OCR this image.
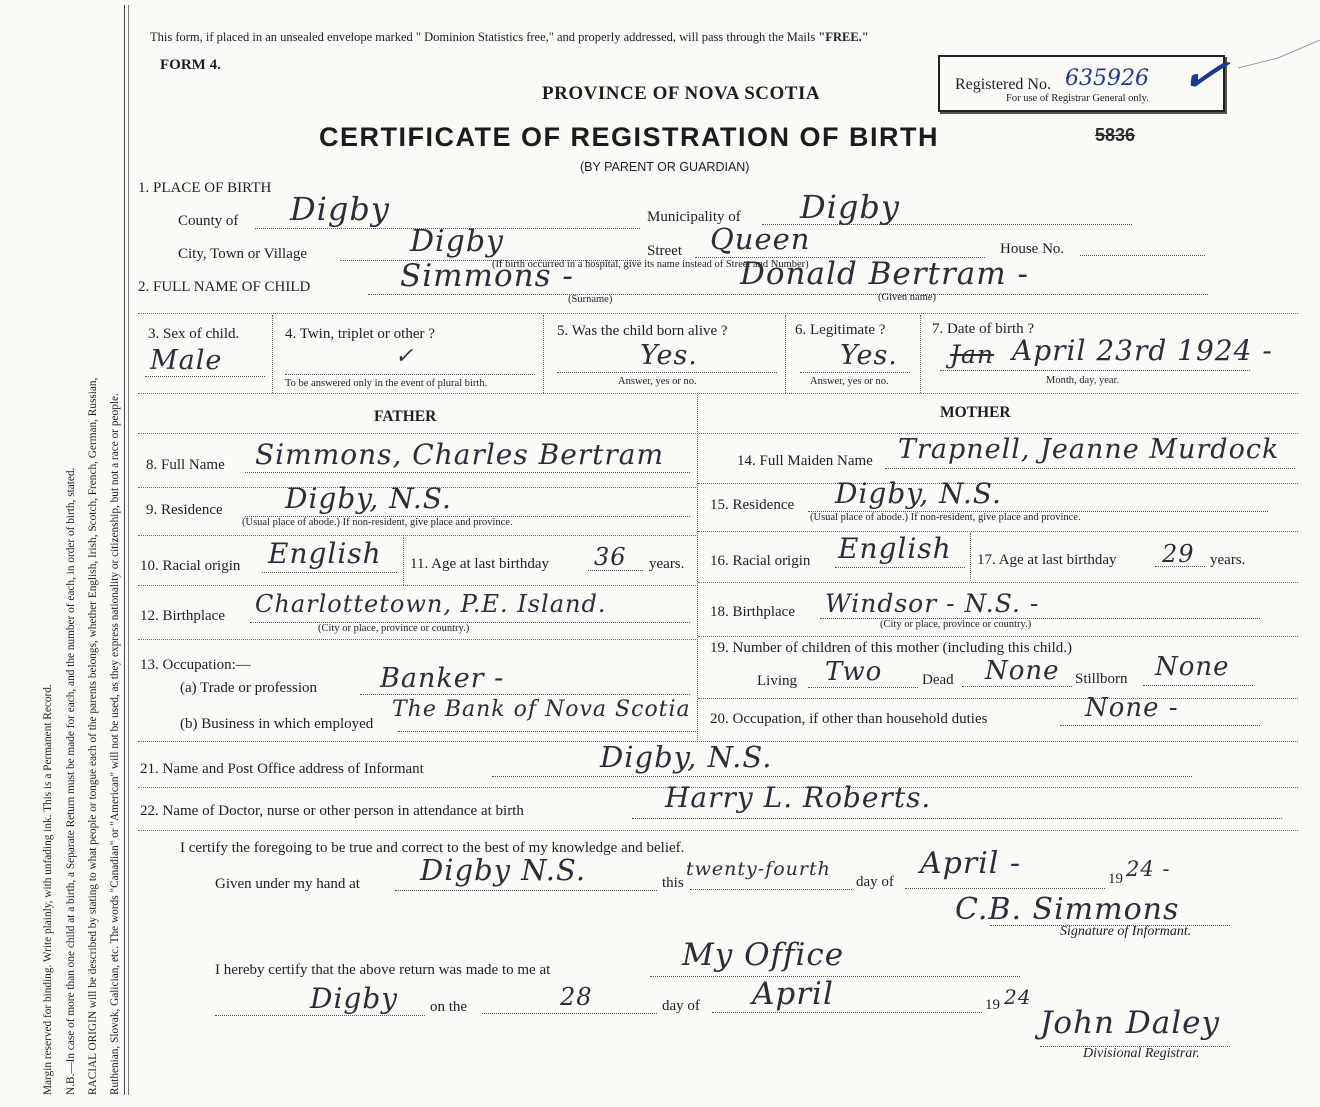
Margin reserved for binding. Write plainly, with unfading ink. This is a Permanent Record. N.B.—In case of more than one child at a birth, a Separate Return must be made for each, and the number of each, in order of birth, stated. RACIAL ORIGIN will be described by stating to what people or tongue each of the parents belongs, whether English, Irish, Scotch, French, German, Russian, Ruthenian, Slovak, Galician, etc. The words "Canadian" or "American" will not be used, as they express nationality or citizenship, but not a race or people.
This form, if placed in an unsealed envelope marked " Dominion Statistics free," and properly addressed, will pass through the Mails "FREE."
FORM 4.
PROVINCE OF NOVA SCOTIA
CERTIFICATE OF REGISTRATION OF BIRTH
(BY PARENT OR GUARDIAN)
5836
Registered No. 635926
For use of Registrar General only. ✓
1. PLACE OF BIRTH
County of Digby	Municipality of Digby
City, Town or Village	Digby	Street Queen	House No.
(If birth occurred in a hospital, give its name instead of Street and Number)
2. FULL NAME OF CHILD	Simmons -	Donald Bertram -
(Surname)	(Given name)
3. Sex of child.
Male
4. Twin, triplet or other ?
✓
To be answered only in the event of plural birth.
5. Was the child born alive ?
Yes.
Answer, yes or no.
6. Legitimate ?
Yes.
Answer, yes or no.
7. Date of birth ?
Jan April 23rd 1924 -
Month, day, year.
FATHER	MOTHER
8. Full Name Simmons, Charles Bertram
9. Residence Digby, N.S.
(Usual place of abode.) If non-resident, give place and province.
10. Racial origin English 11. Age at last birthday 36 years.
12. Birthplace Charlottetown, P.E. Island.
(City or place, province or country.)
13. Occupation:—
(a) Trade or profession Banker -
(b) Business in which employed
The Bank of Nova Scotia
14. Full Maiden Name Trapnell, Jeanne Murdock
15. Residence Digby, N.S.
(Usual place of abode.) If non-resident, give place and province.
16. Racial origin English 17. Age at last birthday 29 years.
18. Birthplace Windsor - N.S. -
(City or place, province or country.)
19. Number of children of this mother (including this child.)
Living Two	Dead None Stillborn None
20. Occupation, if other than household duties	None -
21. Name and Post Office address of Informant	Digby, N.S.
22. Name of Doctor, nurse or other person in attendance at birth	Harry L. Roberts.
I certify the foregoing to be true and correct to the best of my knowledge and belief.
Given under my hand at Digby N.S.	this
twenty-fourth
day of
April -	19 24 -
C.B. Simmons
Signature of Informant.
I hereby certify that the above return was made to me at	My Office
Digby on the	28	day of April	19 24
John Daley
Divisional Registrar.
